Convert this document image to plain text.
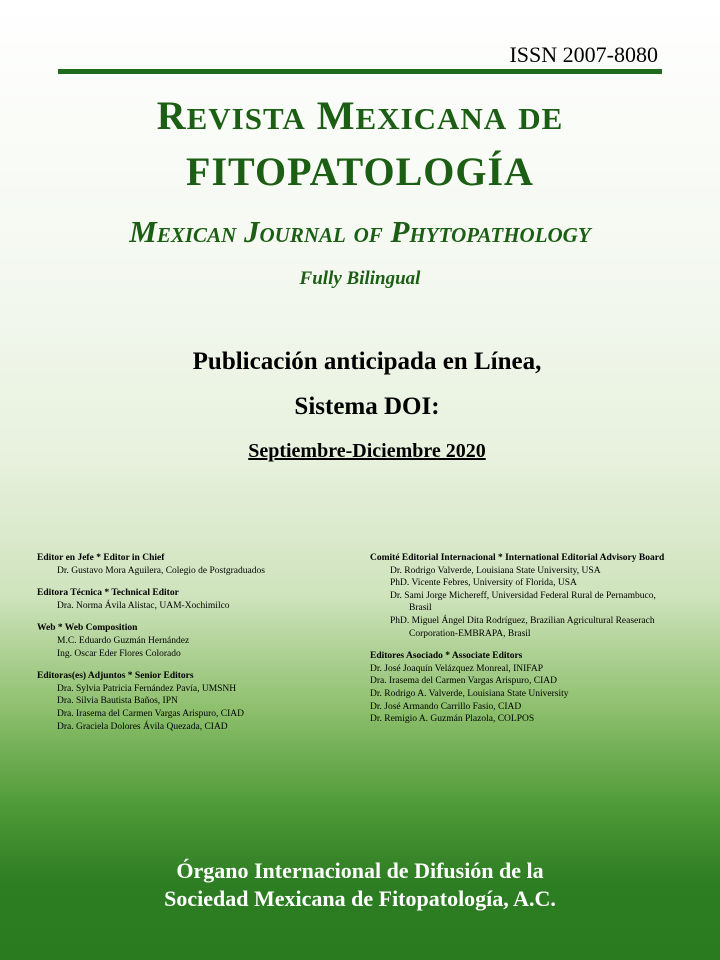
ISSN 2007-8080
REVISTA MEXICANA DE
FITOPATOLOGÍA
MEXICAN JOURNAL OF PHYTOPATHOLOGY
Fully Bilingual
Publicación anticipada en Línea,
Sistema DOI:
Septiembre-Diciembre 2020
Editor en Jefe * Editor in Chief
Dr. Gustavo Mora Aguilera, Colegio de Postgraduados
Editora Técnica * Technical Editor
Dra. Norma Ávila Alistac, UAM-Xochimilco
Web * Web Composition
M.C. Eduardo Guzmán Hernández
Ing. Oscar Eder Flores Colorado
Editoras(es) Adjuntos * Senior Editors
Dra. Sylvia Patricia Fernández Pavía, UMSNH
Dra. Silvia Bautista Baños, IPN
Dra. Irasema del Carmen Vargas Arispuro, CIAD
Dra. Graciela Dolores Ávila Quezada, CIAD
Comité Editorial Internacional * International Editorial Advisory Board
Dr. Rodrigo Valverde, Louisiana State University, USA
PhD. Vicente Febres, University of Florida, USA
Dr. Sami Jorge Michereff, Universidad Federal Rural de Pernambuco,
Brasil
PhD. Miguel Ángel Dita Rodríguez, Brazilian Agricultural Reaserach
Corporation-EMBRAPA, Brasil
Editores Asociado * Associate Editors
Dr. José Joaquín Velázquez Monreal, INIFAP
Dra. Irasema del Carmen Vargas Arispuro, CIAD
Dr. Rodrigo A. Valverde, Louisiana State University
Dr. José Armando Carrillo Fasio, CIAD
Dr. Remigio A. Guzmán Plazola, COLPOS
Órgano Internacional de Difusión de la
Sociedad Mexicana de Fitopatología, A.C.
